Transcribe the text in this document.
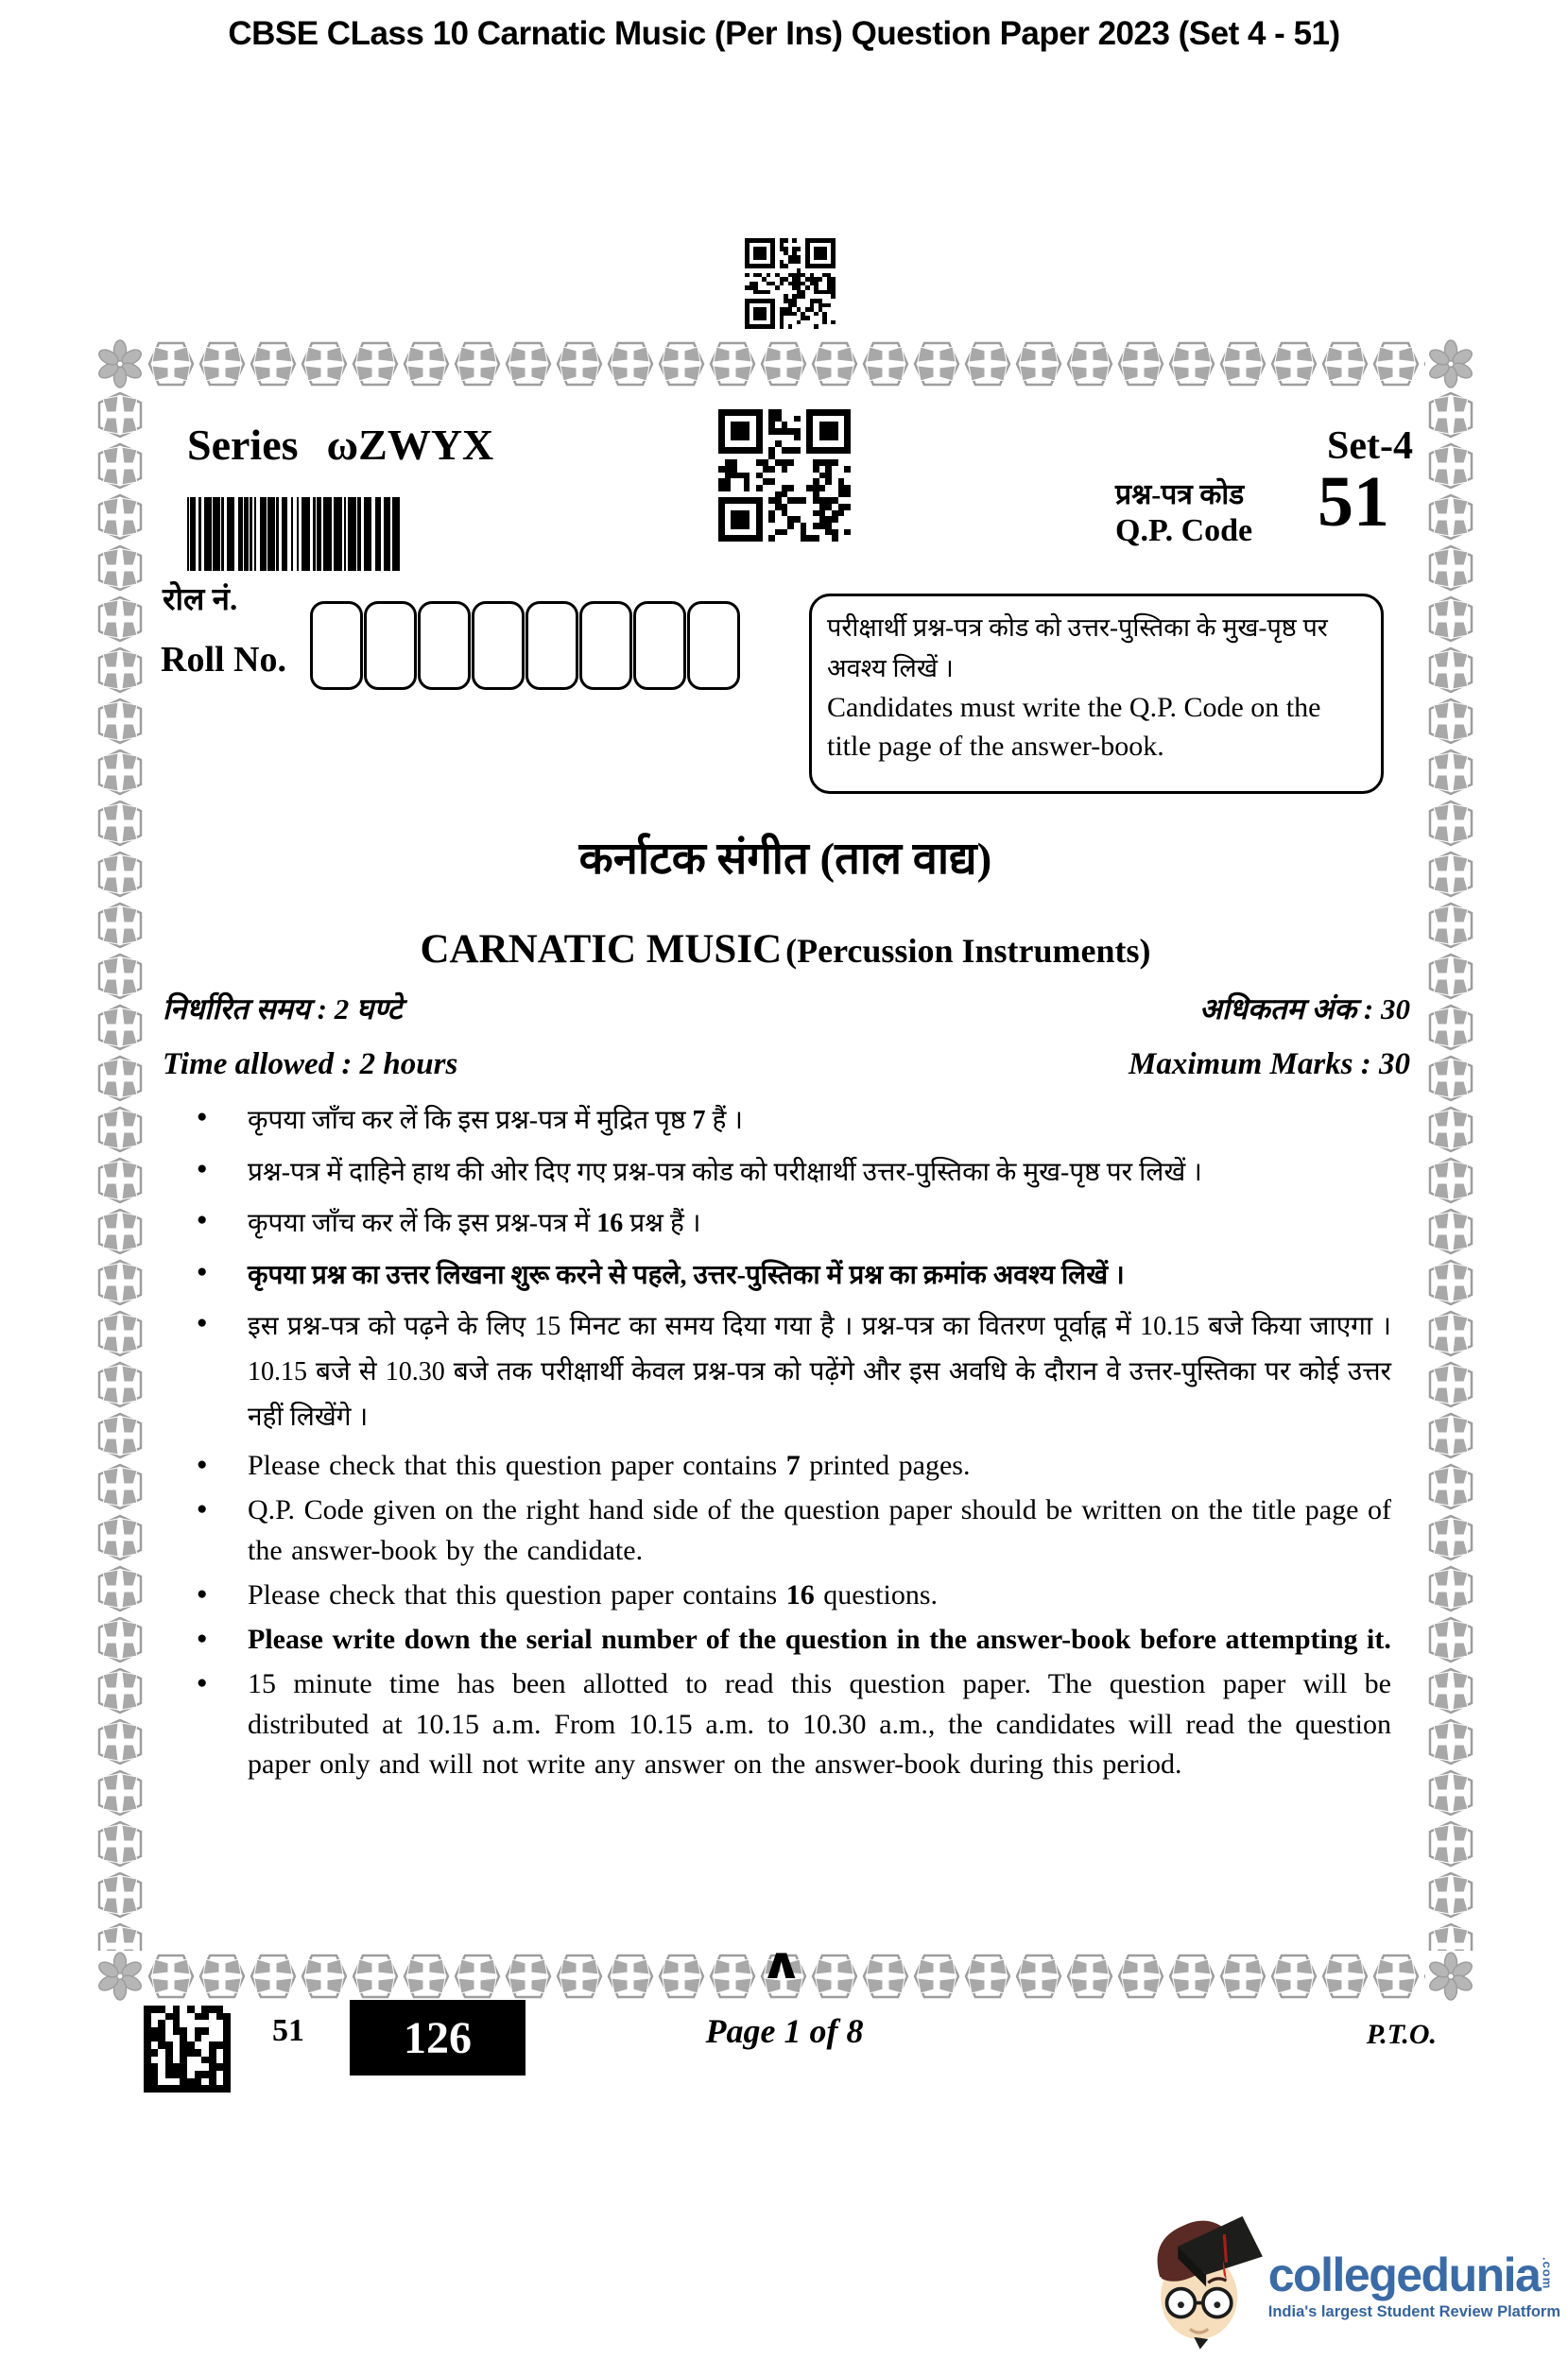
CBSE CLass 10 Carnatic Music (Per Ins) Question Paper 2023 (Set 4 - 51)
Series ωZWYX	Set-4
प्रश्न-पत्र कोड
Q.P. Code 51
रोल नं.
Roll No.
परीक्षार्थी प्रश्न-पत्र कोड को उत्तर-पुस्तिका के मुख-पृष्ठ पर अवश्य लिखें ।
Candidates must write the Q.P. Code on the title page of the answer-book.
कर्नाटक संगीत (ताल वाद्य)
CARNATIC MUSIC (Percussion Instruments)
निर्धारित समय : 2 घण्टे	अधिकतम अंक : 30
Time allowed : 2 hours	Maximum Marks : 30
●	कृपया जाँच कर लें कि इस प्रश्न-पत्र में मुद्रित पृष्ठ 7 हैं ।
●	प्रश्न-पत्र में दाहिने हाथ की ओर दिए गए प्रश्न-पत्र कोड को परीक्षार्थी उत्तर-पुस्तिका के मुख-पृष्ठ पर लिखें ।
●	कृपया जाँच कर लें कि इस प्रश्न-पत्र में 16 प्रश्न हैं ।
●	कृपया प्रश्न का उत्तर लिखना शुरू करने से पहले, उत्तर-पुस्तिका में प्रश्न का क्रमांक अवश्य लिखें ।
●	इस प्रश्न-पत्र को पढ़ने के लिए 15 मिनट का समय दिया गया है । प्रश्न-पत्र का वितरण पूर्वाह्न में 10.15 बजे किया जाएगा । 10.15 बजे से 10.30 बजे तक परीक्षार्थी केवल प्रश्न-पत्र को पढ़ेंगे और इस अवधि के दौरान वे उत्तर-पुस्तिका पर कोई उत्तर नहीं लिखेंगे ।
●	Please check that this question paper contains 7 printed pages.
●	Q.P. Code given on the right hand side of the question paper should be written on the title page of the answer-book by the candidate.
●	Please check that this question paper contains 16 questions.
●	Please write down the serial number of the question in the answer-book before attempting it.
●	15 minute time has been allotted to read this question paper. The question paper will be distributed at 10.15 a.m. From 10.15 a.m. to 10.30 a.m., the candidates will read the question paper only and will not write any answer on the answer-book during this period.
∧
51	126	Page 1 of 8	P.T.O.
collegedunia .com
India's largest Student Review Platform
